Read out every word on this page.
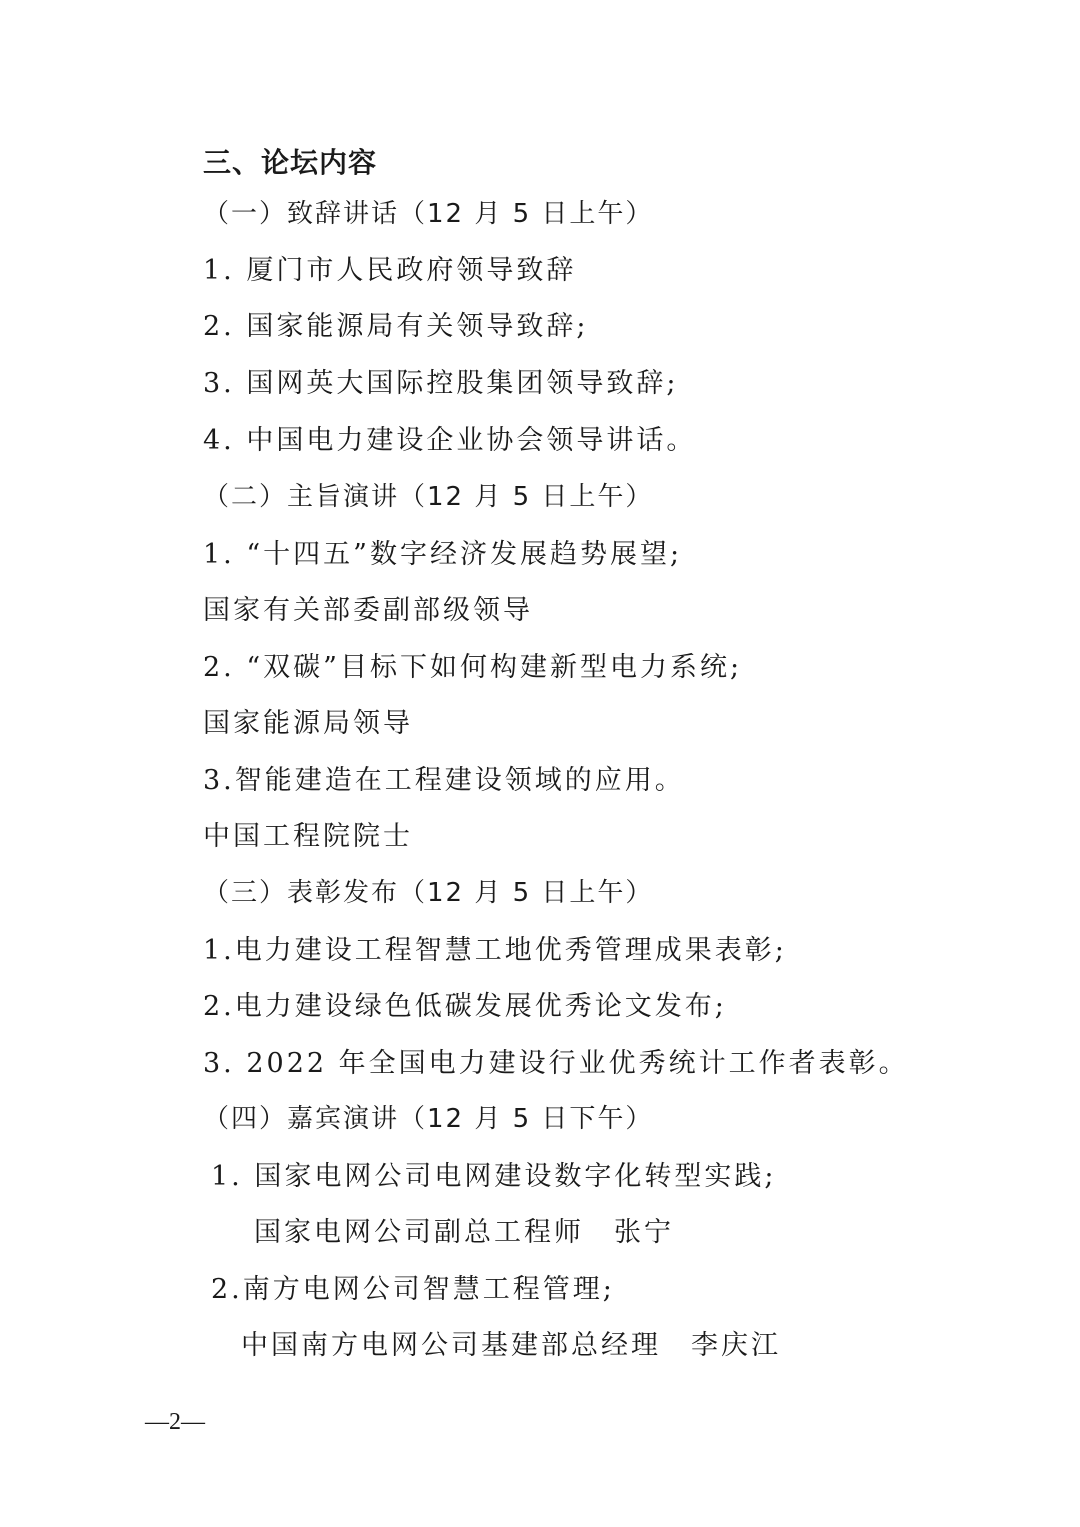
三、论坛内容
（一）致辞讲话（12 月 5 日上午）
1. 厦门市人民政府领导致辞
2. 国家能源局有关领导致辞;
3. 国网英大国际控股集团领导致辞;
4. 中国电力建设企业协会领导讲话。
（二）主旨演讲（12 月 5 日上午）
1. “十四五”数字经济发展趋势展望;
国家有关部委副部级领导
2. “双碳”目标下如何构建新型电力系统;
国家能源局领导
3.智能建造在工程建设领域的应用。
中国工程院院士
（三）表彰发布（12 月 5 日上午）
1.电力建设工程智慧工地优秀管理成果表彰;
2.电力建设绿色低碳发展优秀论文发布;
3. 2022 年全国电力建设行业优秀统计工作者表彰。
（四）嘉宾演讲（12 月 5 日下午）
1. 国家电网公司电网建设数字化转型实践;
国家电网公司副总工程师　张宁
2.南方电网公司智慧工程管理;
中国南方电网公司基建部总经理　李庆江
—2—
